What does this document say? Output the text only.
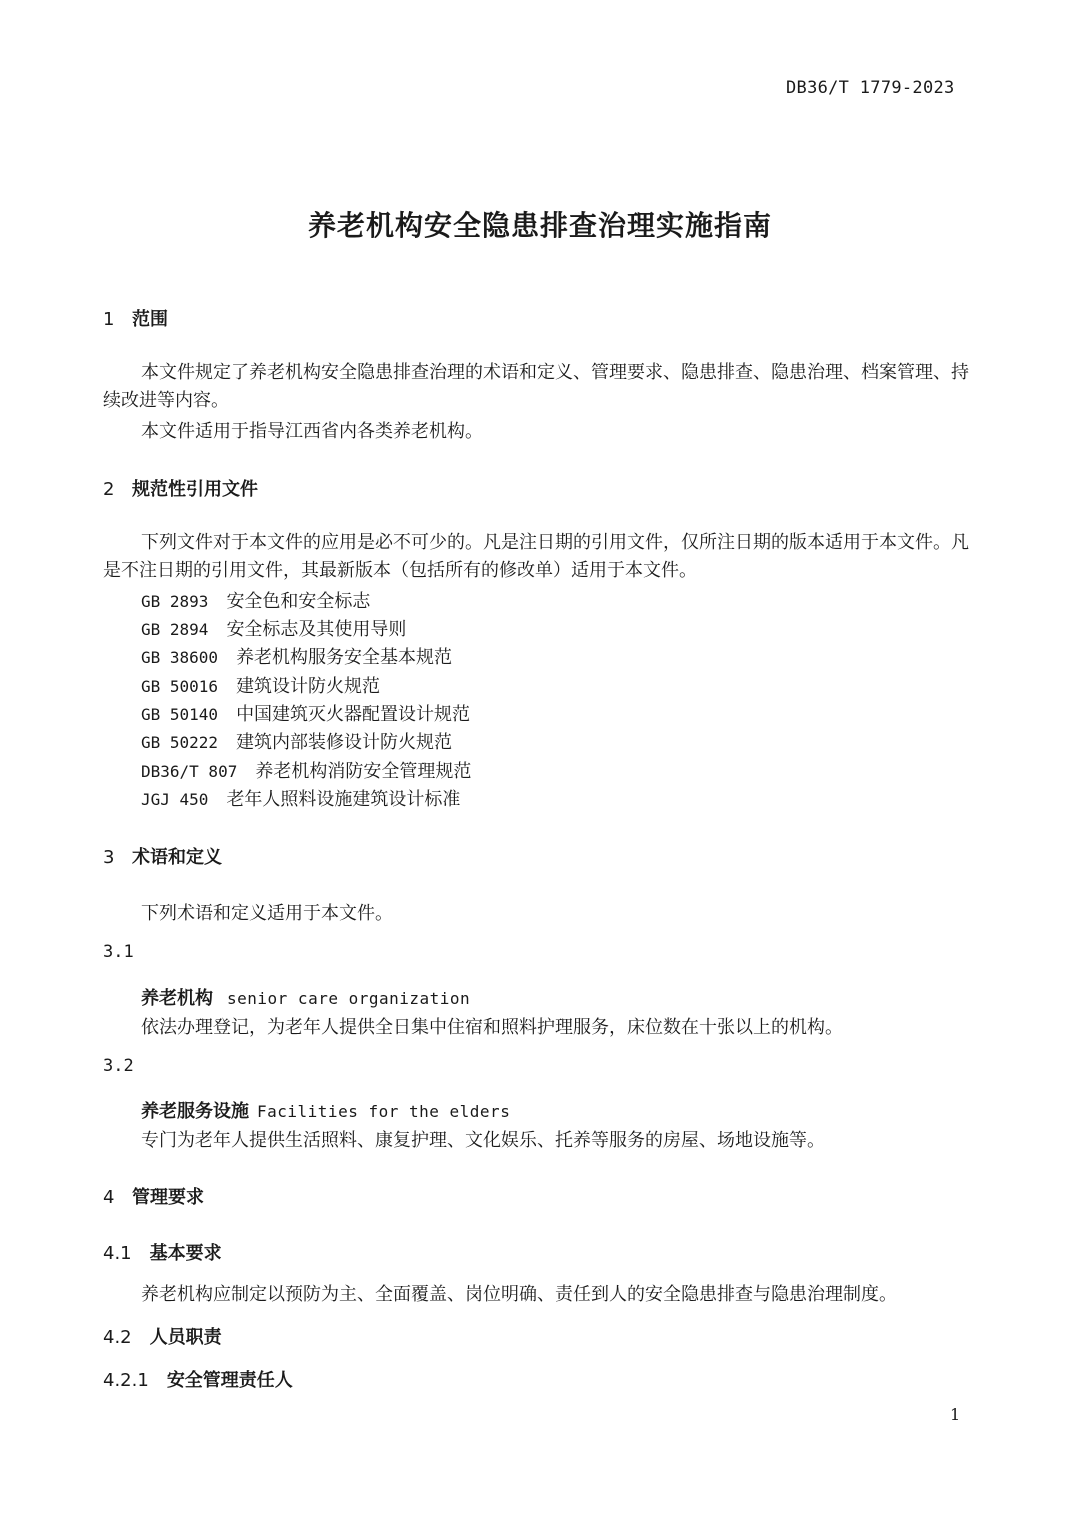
DB36/T 1779-2023
养老机构安全隐患排查治理实施指南
1 范围

本文件规定了养老机构安全隐患排查治理的术语和定义、管理要求、隐患排查、隐患治理、档案管理、持续改进等内容。

本文件适用于指导江西省内各类养老机构。

2 规范性引用文件

下列文件对于本文件的应用是必不可少的。凡是注日期的引用文件，仅所注日期的版本适用于本文件。凡是不注日期的引用文件，其最新版本（包括所有的修改单）适用于本文件。

GB 2893 安全色和安全标志
GB 2894 安全标志及其使用导则
GB 38600 养老机构服务安全基本规范
GB 50016 建筑设计防火规范
GB 50140 中国建筑灭火器配置设计规范
GB 50222 建筑内部装修设计防火规范
DB36/T 807 养老机构消防安全管理规范
JGJ 450 老年人照料设施建筑设计标准
3 术语和定义

下列术语和定义适用于本文件。

3.1
养老机构 senior care organization

依法办理登记，为老年人提供全日集中住宿和照料护理服务，床位数在十张以上的机构。

3.2
养老服务设施 Facilities for the elders

专门为老年人提供生活照料、康复护理、文化娱乐、托养等服务的房屋、场地设施等。

4 管理要求
4.1 基本要求

养老机构应制定以预防为主、全面覆盖、岗位明确、责任到人的安全隐患排查与隐患治理制度。

4.2 人员职责
4.2.1 安全管理责任人
1
